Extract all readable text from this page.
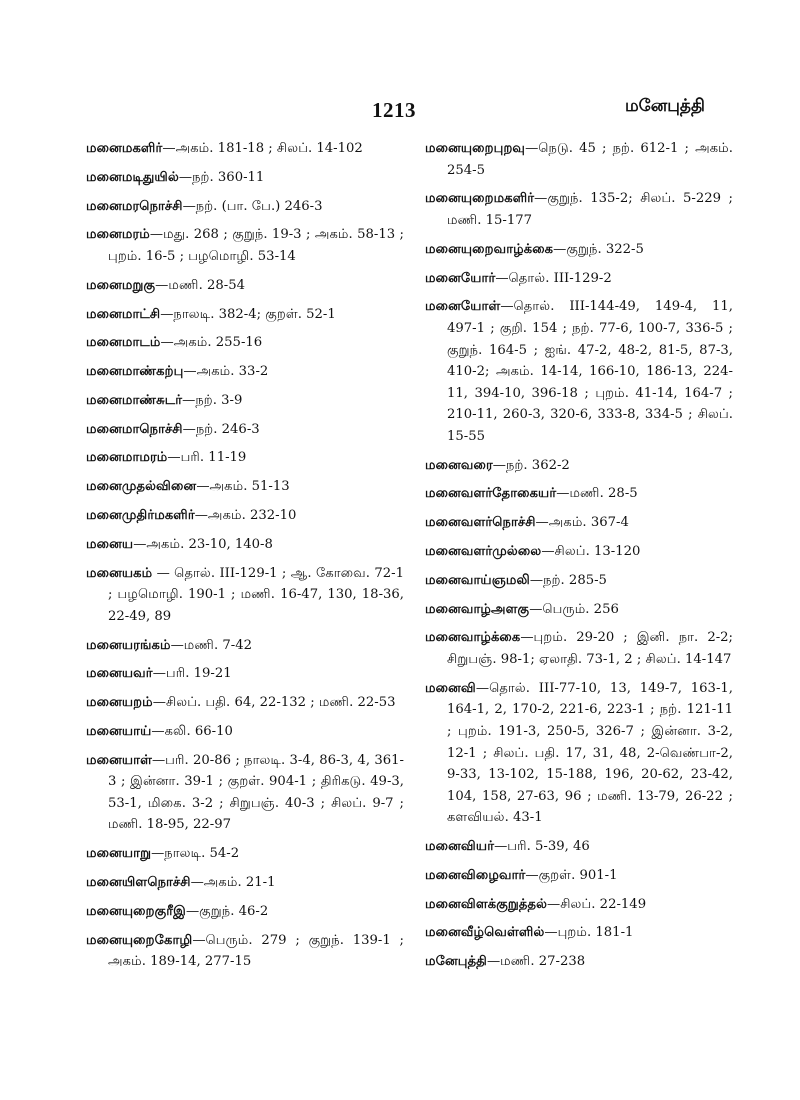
1213	மனேபுத்தி
மனைமகளிர்—அகம். 181-18 ; சிலப். 14-102
மனைமடிதுயில்—நற். 360-11
மனைமரநொச்சி—நற். (பா. பே.) 246-3
மனைமரம்—மது. 268 ; குறுந். 19-3 ; அகம். 58-13 ; புறம். 16-5 ; பழமொழி. 53-14
மனைமறுகு—மணி. 28-54
மனைமாட்சி—நாலடி. 382-4; குறள். 52-1
மனைமாடம்—அகம். 255-16
மனைமாண்கற்பு—அகம். 33-2
மனைமாண்சுடர்—நற். 3-9
மனைமாநொச்சி—நற். 246-3
மனைமாமரம்—பரி. 11-19
மனைமுதல்வினை—அகம். 51-13
மனைமுதிர்மகளிர்—அகம். 232-10
மனைய—அகம். 23-10, 140-8
மனையகம் — தொல். III-129-1 ; ஆ. கோவை. 72-1 ; பழமொழி. 190-1 ; மணி. 16-47, 130, 18-36, 22-49, 89
மனையரங்கம்—மணி. 7-42
மனையவர்—பரி. 19-21
மனையறம்—சிலப். பதி. 64, 22-132 ; மணி. 22-53
மனையாய்—கலி. 66-10
மனையாள்—பரி. 20-86 ; நாலடி. 3-4, 86-3, 4, 361-3 ; இன்னா. 39-1 ; குறள். 904-1 ; திரிகடு. 49-3, 53-1, மிகை. 3-2 ; சிறுபஞ். 40-3 ; சிலப். 9-7 ; மணி. 18-95, 22-97
மனையாறு—நாலடி. 54-2
மனையிளநொச்சி—அகம். 21-1
மனையுறைகுரீஇ—குறுந். 46-2
மனையுறைகோழி—பெரும். 279 ; குறுந். 139-1 ; அகம். 189-14, 277-15
மனையுறைபுறவு—நெடு. 45 ; நற். 612-1 ; அகம். 254-5
மனையுறைமகளிர்—குறுந். 135-2; சிலப். 5-229 ; மணி. 15-177
மனையுறைவாழ்க்கை—குறுந். 322-5
மனையோர்—தொல். III-129-2
மனையோள்—தொல். III-144-49, 149-4, 11, 497-1 ; குறி. 154 ; நற். 77-6, 100-7, 336-5 ; குறுந். 164-5 ; ஐங். 47-2, 48-2, 81-5, 87-3, 410-2; அகம். 14-14, 166-10, 186-13, 224-11, 394-10, 396-18 ; புறம். 41-14, 164-7 ; 210-11, 260-3, 320-6, 333-8, 334-5 ; சிலப். 15-55
மனைவரை—நற். 362-2
மனைவளர்தோகையர்—மணி. 28-5
மனைவளர்நொச்சி—அகம். 367-4
மனைவளர்முல்லை—சிலப். 13-120
மனைவாய்ஞமலி—நற். 285-5
மனைவாழ்அளகு—பெரும். 256
மனைவாழ்க்கை—புறம். 29-20 ; இனி. நா. 2-2; சிறுபஞ். 98-1; ஏலாதி. 73-1, 2 ; சிலப். 14-147
மனைவி—தொல். III-77-10, 13, 149-7, 163-1, 164-1, 2, 170-2, 221-6, 223-1 ; நற். 121-11 ; புறம். 191-3, 250-5, 326-7 ; இன்னா. 3-2, 12-1 ; சிலப். பதி. 17, 31, 48, 2-வெண்பா-2, 9-33, 13-102, 15-188, 196, 20-62, 23-42, 104, 158, 27-63, 96 ; மணி. 13-79, 26-22 ; களவியல். 43-1
மனைவியர்—பரி. 5-39, 46
மனைவிழைவார்—குறள். 901-1
மனைவிளக்குறுத்தல்—சிலப். 22-149
மனைவீழ்வெள்ளில்—புறம். 181-1
மனேபுத்தி—மணி. 27-238
